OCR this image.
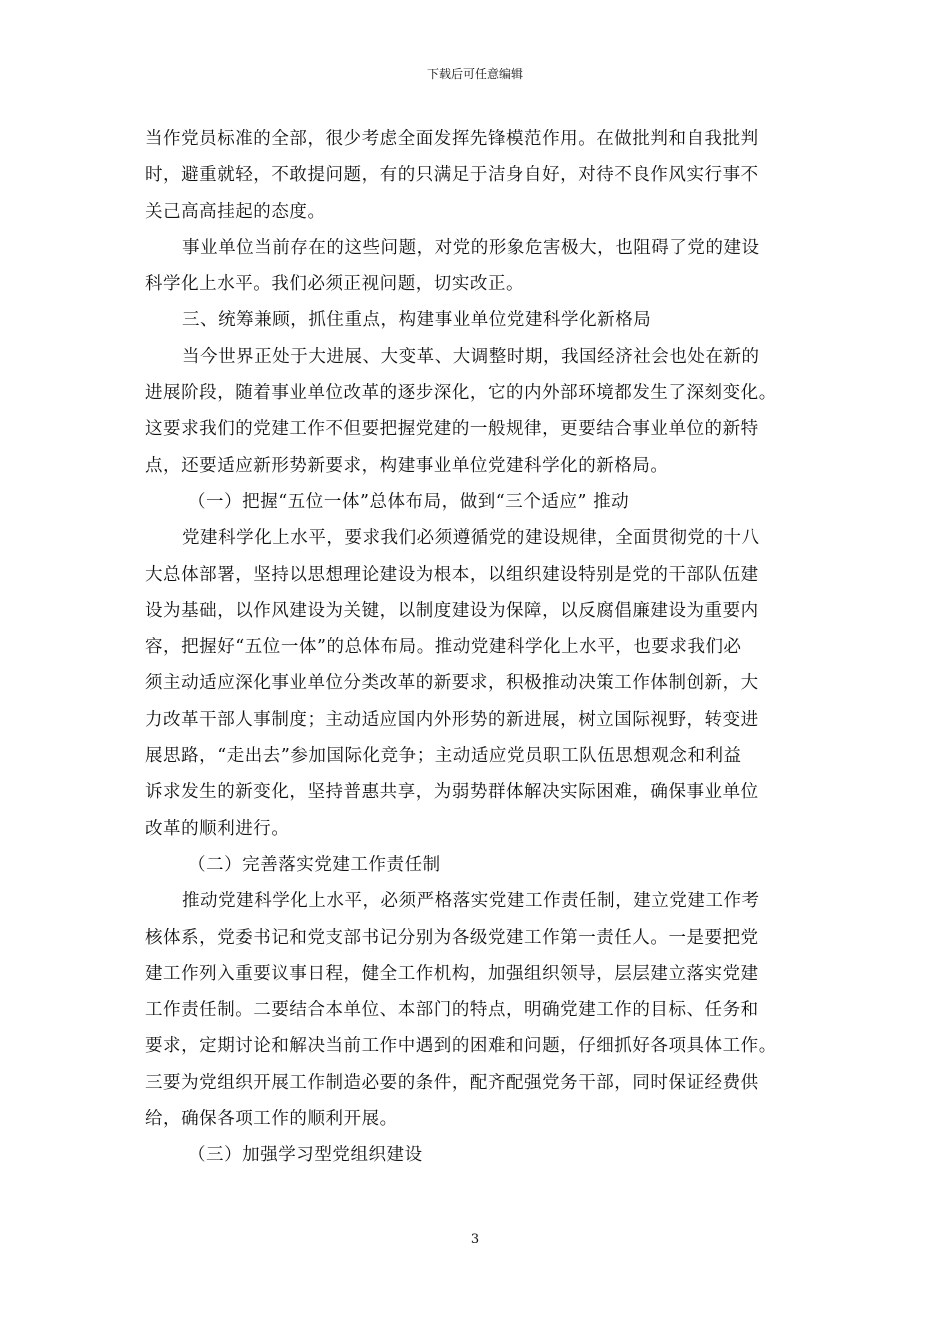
下载后可任意编辑
当作党员标准的全部，很少考虑全面发挥先锋模范作用。在做批判和自我批判
时，避重就轻，不敢提问题，有的只满足于洁身自好，对待不良作风实行事不
关己高高挂起的态度。
事业单位当前存在的这些问题，对党的形象危害极大，也阻碍了党的建设
科学化上水平。我们必须正视问题，切实改正。
三、统筹兼顾，抓住重点，构建事业单位党建科学化新格局
当今世界正处于大进展、大变革、大调整时期，我国经济社会也处在新的
进展阶段，随着事业单位改革的逐步深化，它的内外部环境都发生了深刻变化。
这要求我们的党建工作不但要把握党建的一般规律，更要结合事业单位的新特
点，还要适应新形势新要求，构建事业单位党建科学化的新格局。
（一）把握“五位一体”总体布局，做到“三个适应” 推动
党建科学化上水平，要求我们必须遵循党的建设规律，全面贯彻党的十八
大总体部署，坚持以思想理论建设为根本，以组织建设特别是党的干部队伍建
设为基础，以作风建设为关键，以制度建设为保障，以反腐倡廉建设为重要内
容，把握好“五位一体”的总体布局。推动党建科学化上水平，也要求我们必
须主动适应深化事业单位分类改革的新要求，积极推动决策工作体制创新，大
力改革干部人事制度；主动适应国内外形势的新进展，树立国际视野，转变进
展思路，“走出去”参加国际化竞争；主动适应党员职工队伍思想观念和利益
诉求发生的新变化，坚持普惠共享，为弱势群体解决实际困难，确保事业单位
改革的顺利进行。
（二）完善落实党建工作责任制
推动党建科学化上水平，必须严格落实党建工作责任制，建立党建工作考
核体系，党委书记和党支部书记分别为各级党建工作第一责任人。一是要把党
建工作列入重要议事日程，健全工作机构，加强组织领导，层层建立落实党建
工作责任制。二要结合本单位、本部门的特点，明确党建工作的目标、任务和
要求，定期讨论和解决当前工作中遇到的困难和问题，仔细抓好各项具体工作。
三要为党组织开展工作制造必要的条件，配齐配强党务干部，同时保证经费供
给，确保各项工作的顺利开展。
（三）加强学习型党组织建设
3
